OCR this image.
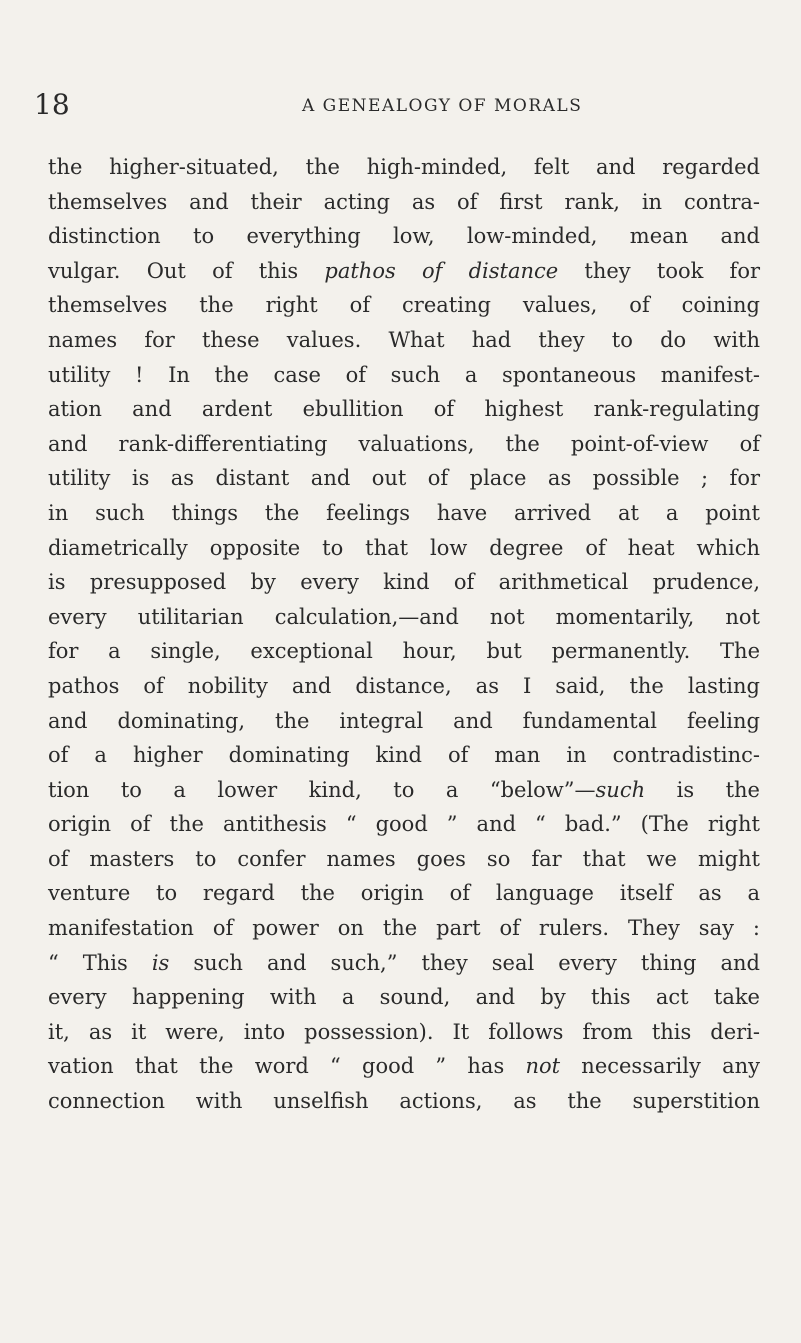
18	A GENEALOGY OF MORALS
the higher-situated, the high-minded, felt and regarded
themselves and their acting as of first rank, in contra-
distinction to everything low, low-minded, mean and
vulgar. Out of this pathos of distance they took for
themselves the right of creating values, of coining
names for these values. What had they to do with
utility ! In the case of such a spontaneous manifest-
ation and ardent ebullition of highest rank-regulating
and rank-differentiating valuations, the point-of-view of
utility is as distant and out of place as possible ; for
in such things the feelings have arrived at a point
diametrically opposite to that low degree of heat which
is presupposed by every kind of arithmetical prudence,
every utilitarian calculation,—and not momentarily, not
for a single, exceptional hour, but permanently. The
pathos of nobility and distance, as I said, the lasting
and dominating, the integral and fundamental feeling
of a higher dominating kind of man in contradistinc-
tion to a lower kind, to a “below”—such is the
origin of the antithesis “ good ” and “ bad.” (The right
of masters to confer names goes so far that we might
venture to regard the origin of language itself as a
manifestation of power on the part of rulers. They say :
“ This is such and such,” they seal every thing and
every happening with a sound, and by this act take
it, as it were, into possession). It follows from this deri-
vation that the word “ good ” has not necessarily any
connection with unselfish actions, as the superstition
